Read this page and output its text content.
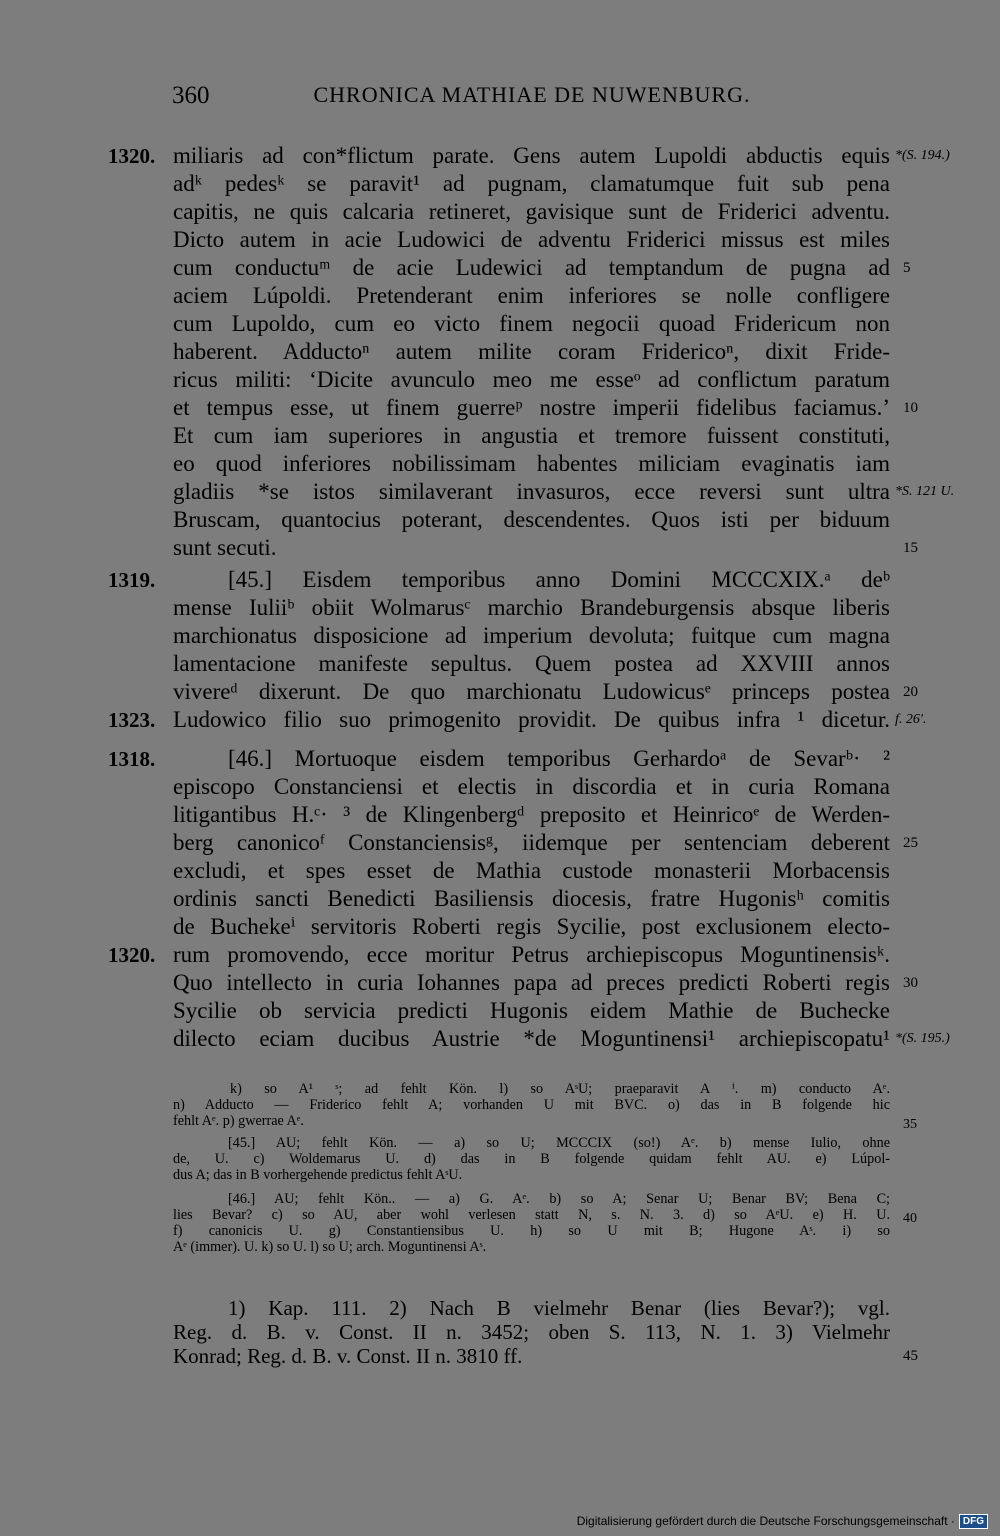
360	CHRONICA MATHIAE DE NUWENBURG.
1320.
1319.
1323.
1318.
1320.
miliaris ad con*flictum parate. Gens autem Lupoldi abductis equis
adᵏ pedesᵏ se paravit¹ ad pugnam, clamatumque fuit sub pena
capitis, ne quis calcaria retineret, gavisique sunt de Friderici adventu.
Dicto autem in acie Ludowici de adventu Friderici missus est miles
cum conductuᵐ de acie Ludewici ad temptandum de pugna ad
aciem Lúpoldi. Pretenderant enim inferiores se nolle confligere
cum Lupoldo, cum eo victo finem negocii quoad Fridericum non
haberent. Adductoⁿ autem milite coram Fridericoⁿ, dixit Fride-
ricus militi: ‘Dicite avunculo meo me esseᵒ ad conflictum paratum
et tempus esse, ut finem guerreᵖ nostre imperii fidelibus faciamus.’
Et cum iam superiores in angustia et tremore fuissent constituti,
eo quod inferiores nobilissimam habentes miliciam evaginatis iam
gladiis *se istos similaverant invasuros, ecce reversi sunt ultra
Bruscam, quantocius poterant, descendentes. Quos isti per biduum
sunt secuti.
[45.] Eisdem temporibus anno Domini MCCCXIX.ᵃ deᵇ
mense Iuliiᵇ obiit Wolmarusᶜ marchio Brandeburgensis absque liberis
marchionatus disposicione ad imperium devoluta; fuitque cum magna
lamentacione manifeste sepultus. Quem postea ad XXVIII annos
vivereᵈ dixerunt. De quo marchionatu Ludowicusᵉ princeps postea
Ludowico filio suo primogenito providit. De quibus infra ¹ dicetur.
[46.] Mortuoque eisdem temporibus Gerhardoᵃ de Sevarᵇ· ²
episcopo Constanciensi et electis in discordia et in curia Romana
litigantibus H.ᶜ· ³ de Klingenbergᵈ preposito et Heinricoᵉ de Werden-
berg canonicoᶠ Constanciensisᵍ, iidemque per sentenciam deberent
excludi, et spes esset de Mathia custode monasterii Morbacensis
ordinis sancti Benedicti Basiliensis diocesis, fratre Hugonisʰ comitis
de Buchekeⁱ servitoris Roberti regis Sycilie, post exclusionem electo-
rum promovendo, ecce moritur Petrus archiepiscopus Moguntinensisᵏ.
Quo intellecto in curia Iohannes papa ad preces predicti Roberti regis
Sycilie ob servicia predicti Hugonis eidem Mathie de Buchecke
dilecto eciam ducibus Austrie *de Moguntinensi¹ archiepiscopatu¹
5
10
15
20
25
30
*(S. 194.)
*S. 121 U.
f. 26'.
*(S. 195.)
k) so A¹ ˢ; ad fehlt Kön. l) so AˢU; praeparavit A ⁱ. m) conducto Aᵉ.
n) Adducto — Friderico fehlt A; vorhanden U mit BVC. o) das in B folgende hic
fehlt Aᵉ. p) gwerrae Aᵉ.
[45.] AU; fehlt Kön. — a) so U; MCCCIX (so!) Aᵉ. b) mense Iulio, ohne
de, U. c) Woldemarus U. d) das in B folgende quidam fehlt AU. e) Lúpol-
dus A; das in B vorhergehende predictus fehlt AˢU.
[46.] AU; fehlt Kön.. — a) G. Aᵉ. b) so A; Senar U; Benar BV; Bena C;
lies Bevar? c) so AU, aber wohl verlesen statt N, s. N. 3. d) so AᵉU. e) H. U.
f) canonicis U. g) Constantiensibus U. h) so U mit B; Hugone Aˢ. i) so
Aᵉ (immer). U. k) so U. l) so U; arch. Moguntinensi Aˢ.
35
40
1) Kap. 111. 2) Nach B vielmehr Benar (lies Bevar?); vgl.
Reg. d. B. v. Const. II n. 3452; oben S. 113, N. 1. 3) Vielmehr
Konrad; Reg. d. B. v. Const. II n. 3810 ff.	45
Digitalisierung gefördert durch die Deutsche Forschungsgemeinschaft · DFG
